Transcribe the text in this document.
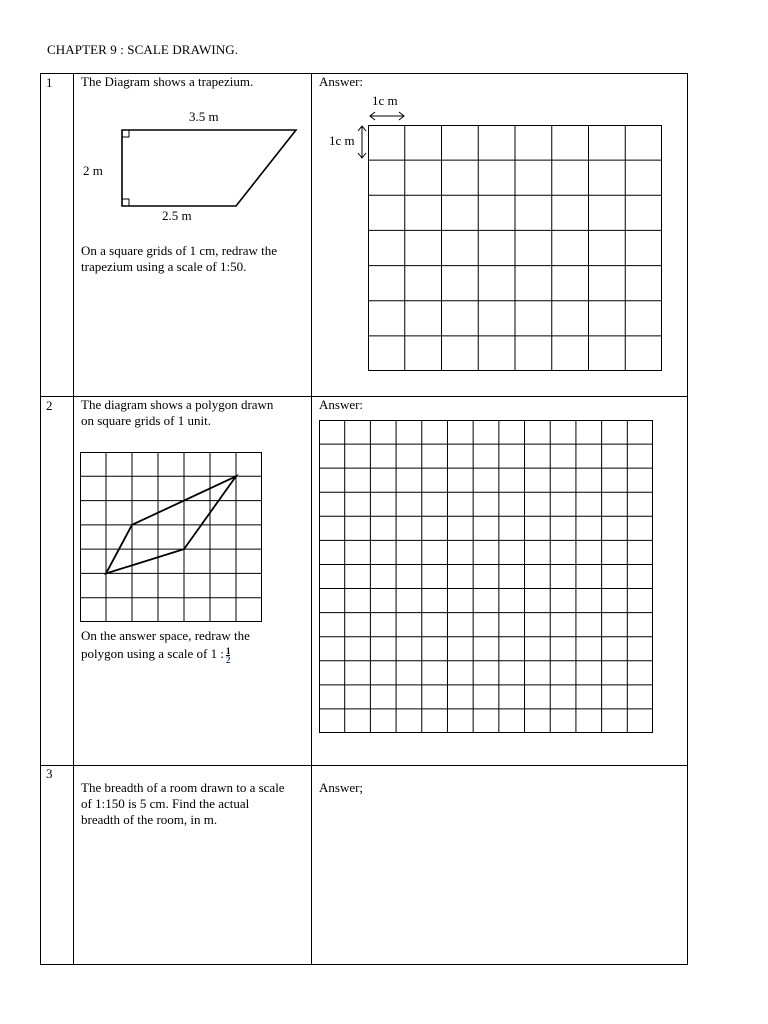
CHAPTER 9 : SCALE DRAWING.
1 The Diagram shows a trapezium.
3.5 m
2 m
2.5 m
On a square grids of 1 cm, redraw the
trapezium using a scale of 1:50.
Answer:
1c m
1c m
2 The diagram shows a polygon drawn
on square grids of 1 unit.
On the answer space, redraw the
polygon using a scale of 1 : $\frac{1}{2}$
Answer:
3
The breadth of a room drawn to a scale
of 1:150 is 5 cm. Find the actual
breadth of the room, in m.
Answer;
